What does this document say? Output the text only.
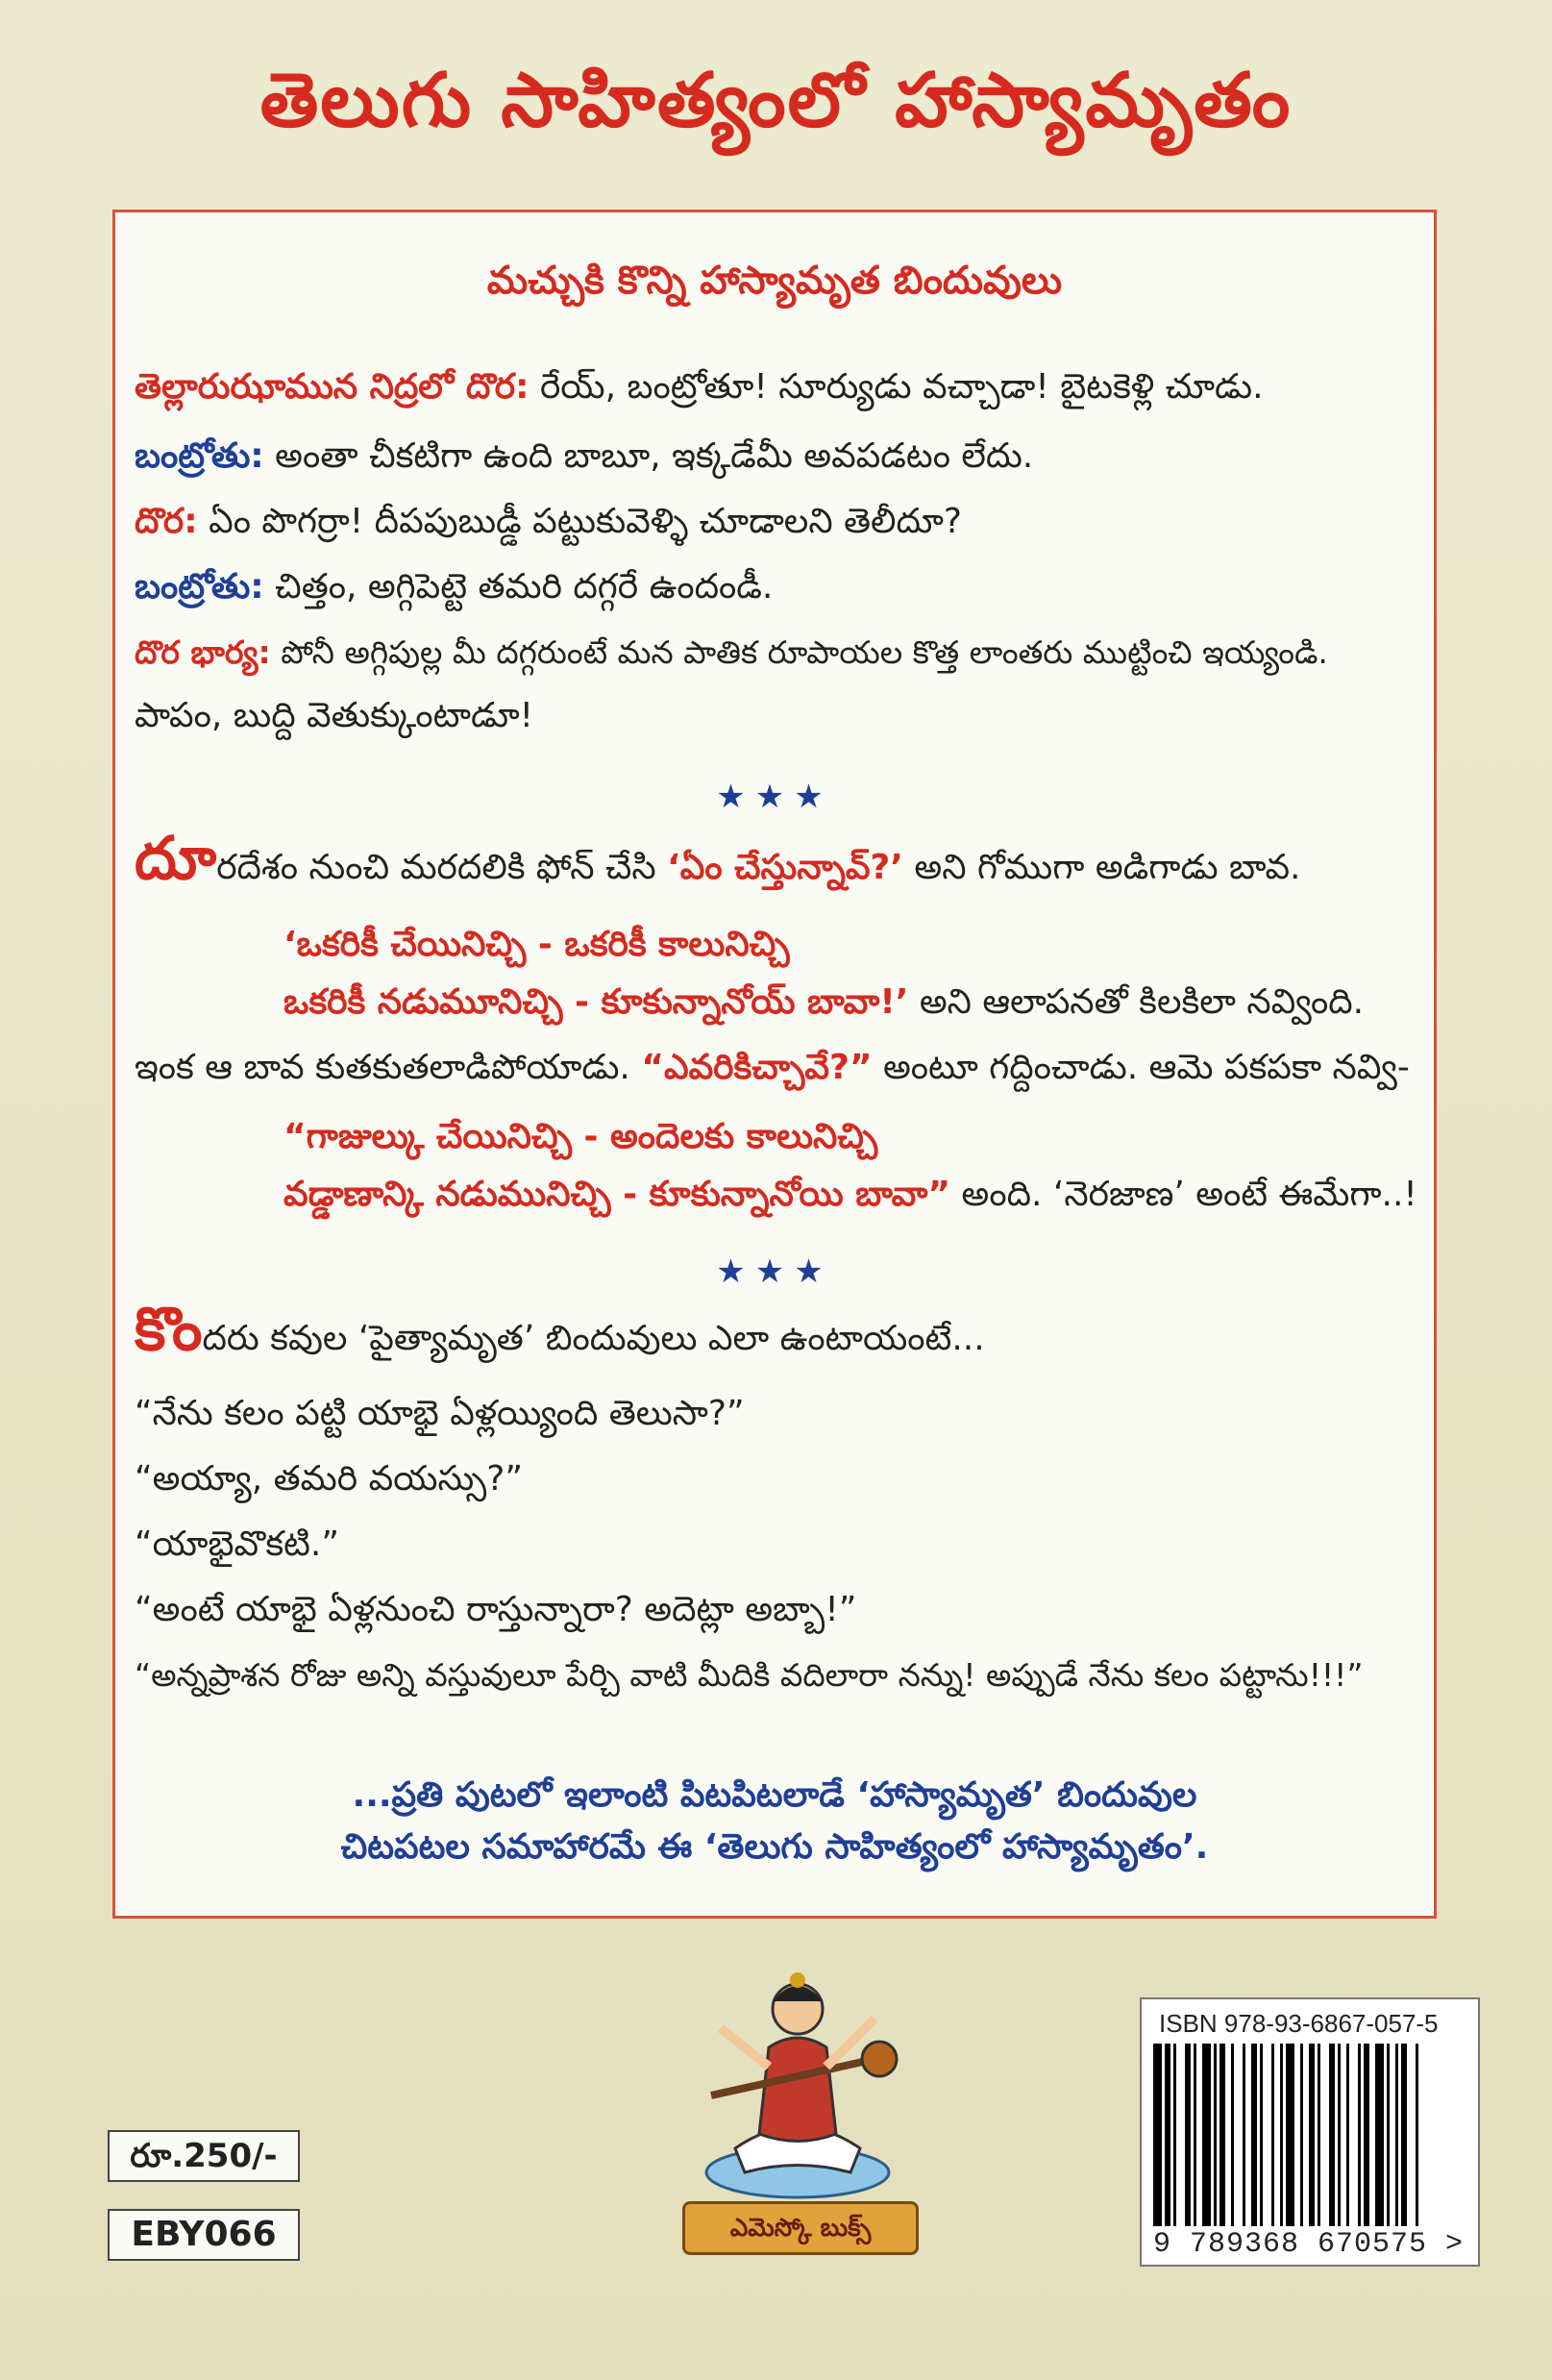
తెలుగు సాహిత్యంలో హాస్యామృతం
మచ్చుకి కొన్ని హాస్యామృత బిందువులు
తెల్లారుఝామున నిద్రలో దొర: రేయ్, బంట్రోతూ! సూర్యుడు వచ్చాడా! బైటకెళ్లి చూడు.
బంట్రోతు: అంతా చీకటిగా ఉంది బాబూ, ఇక్కడేమీ అవపడటం లేదు.
దొర: ఏం పొగర్రా! దీపపుబుడ్డీ పట్టుకువెళ్ళి చూడాలని తెలీదూ?
బంట్రోతు: చిత్తం, అగ్గిపెట్టె తమరి దగ్గరే ఉందండీ.
దొర భార్య: పోనీ అగ్గిపుల్ల మీ దగ్గరుంటే మన పాతిక రూపాయల కొత్త లాంతరు ముట్టించి ఇయ్యండి.
పాపం, బుద్ది వెతుక్కుంటాడూ!
★★★
దూరదేశం నుంచి మరదలికి ఫోన్ చేసి ‘ఏం చేస్తున్నావ్?’ అని గోముగా అడిగాడు బావ.
‘ఒకరికీ చేయినిచ్చి - ఒకరికీ కాలునిచ్చి
ఒకరికీ నడుమూనిచ్చి - కూకున్నానోయ్ బావా!’ అని ఆలాపనతో కిలకిలా నవ్వింది.
ఇంక ఆ బావ కుతకుతలాడిపోయాడు. “ఎవరికిచ్చావే?” అంటూ గద్దించాడు. ఆమె పకపకా నవ్వి-
“గాజుల్కు చేయినిచ్చి - అందెలకు కాలునిచ్చి
వడ్డాణాన్కి నడుమునిచ్చి - కూకున్నానోయి బావా” అంది. ‘నెరజాణ’ అంటే ఈమేగా..!
★★★
కొందరు కవుల ‘పైత్యామృత’ బిందువులు ఎలా ఉంటాయంటే...
“నేను కలం పట్టి యాభై ఏళ్లయ్యింది తెలుసా?”
“అయ్యా, తమరి వయస్సు?”
“యాభైవొకటి.”
“అంటే యాభై ఏళ్లనుంచి రాస్తున్నారా? అదెట్లా అబ్బా!”
“అన్నప్రాశన రోజు అన్ని వస్తువులూ పేర్చి వాటి మీదికి వదిలారా నన్ను! అప్పుడే నేను కలం పట్టాను!!!”
...ప్రతి పుటలో ఇలాంటి పిటపిటలాడే ‘హాస్యామృత’ బిందువుల
చిటపటల సమాహారమే ఈ ‘తెలుగు సాహిత్యంలో హాస్యామృతం’.
రూ.250/-
EBY066	ఎమెస్కో బుక్స్
ISBN 978-93-6867-057-5
9 789368 670575 >
